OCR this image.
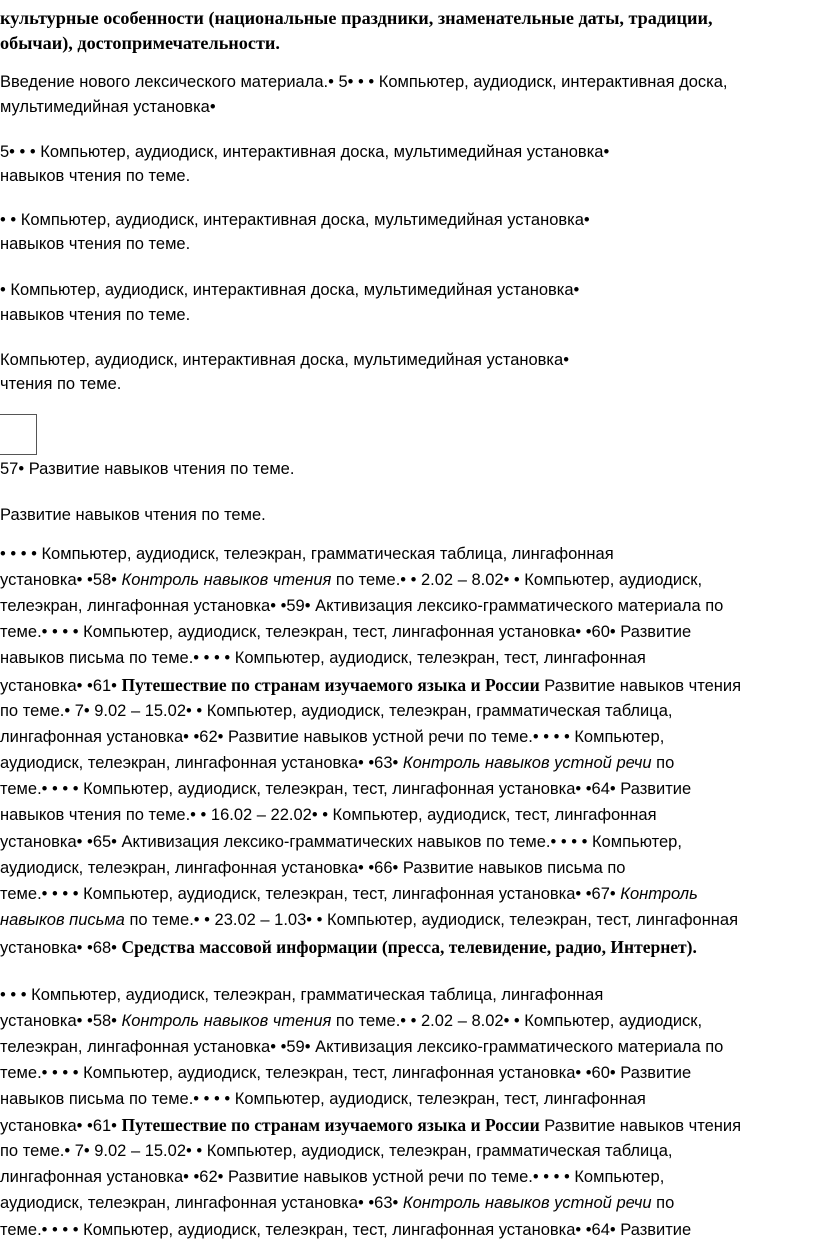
культурные особенности (национальные праздники, знаменательные даты, традиции,
обычаи), достопримечательности.
Введение нового лексического материала.• 5• • • Компьютер, аудиодиск, интерактивная доска,
мультимедийная установка•
5• • • Компьютер, аудиодиск, интерактивная доска, мультимедийная установка•
навыков чтения по теме.
• • Компьютер, аудиодиск, интерактивная доска, мультимедийная установка•
навыков чтения по теме.
• Компьютер, аудиодиск, интерактивная доска, мультимедийная установка•
навыков чтения по теме.
Компьютер, аудиодиск, интерактивная доска, мультимедийная установка•
чтения по теме.
57• Развитие навыков чтения по теме.
Развитие навыков чтения по теме.
• • • • Компьютер, аудиодиск, телеэкран, грамматическая таблица, лингафонная
установка• •58• Контроль навыков чтения по теме.• • 2.02 – 8.02• • Компьютер, аудиодиск,
телеэкран, лингафонная установка• •59• Активизация лексико-грамматического материала по
теме.• • • • Компьютер, аудиодиск, телеэкран, тест, лингафонная установка• •60• Развитие
навыков письма по теме.• • • • Компьютер, аудиодиск, телеэкран, тест, лингафонная
установка• •61• Путешествие по странам изучаемого языка и России Развитие навыков чтения
по теме.• 7• 9.02 – 15.02• • Компьютер, аудиодиск, телеэкран, грамматическая таблица,
лингафонная установка• •62• Развитие навыков устной речи по теме.• • • • Компьютер,
аудиодиск, телеэкран, лингафонная установка• •63• Контроль навыков устной речи по
теме.• • • • Компьютер, аудиодиск, телеэкран, тест, лингафонная установка• •64• Развитие
навыков чтения по теме.• • 16.02 – 22.02• • Компьютер, аудиодиск, тест, лингафонная
установка• •65• Активизация лексико-грамматических навыков по теме.• • • • Компьютер,
аудиодиск, телеэкран, лингафонная установка• •66• Развитие навыков письма по
теме.• • • • Компьютер, аудиодиск, телеэкран, тест, лингафонная установка• •67• Контроль
навыков письма по теме.• • 23.02 – 1.03• • Компьютер, аудиодиск, телеэкран, тест, лингафонная
установка• •68• Средства массовой информации (пресса, телевидение, радио, Интернет).
• • • Компьютер, аудиодиск, телеэкран, грамматическая таблица, лингафонная
установка• •58• Контроль навыков чтения по теме.• • 2.02 – 8.02• • Компьютер, аудиодиск,
телеэкран, лингафонная установка• •59• Активизация лексико-грамматического материала по
теме.• • • • Компьютер, аудиодиск, телеэкран, тест, лингафонная установка• •60• Развитие
навыков письма по теме.• • • • Компьютер, аудиодиск, телеэкран, тест, лингафонная
установка• •61• Путешествие по странам изучаемого языка и России Развитие навыков чтения
по теме.• 7• 9.02 – 15.02• • Компьютер, аудиодиск, телеэкран, грамматическая таблица,
лингафонная установка• •62• Развитие навыков устной речи по теме.• • • • Компьютер,
аудиодиск, телеэкран, лингафонная установка• •63• Контроль навыков устной речи по
теме.• • • • Компьютер, аудиодиск, телеэкран, тест, лингафонная установка• •64• Развитие
